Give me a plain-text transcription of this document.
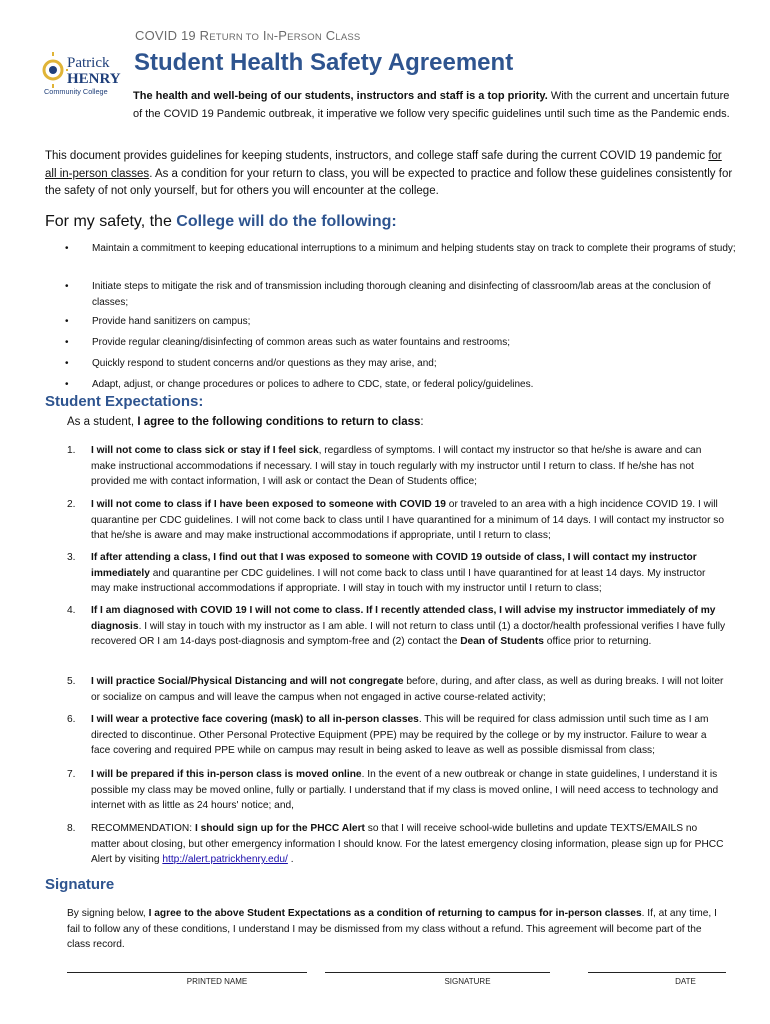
COVID 19 RETURN TO IN-PERSON CLASS
Patrick
HENRY
Community College
Student Health Safety Agreement
The health and well-being of our students, instructors and staff is a top priority. With the current and uncertain future of the COVID 19 Pandemic outbreak, it imperative we follow very specific guidelines until such time as the Pandemic ends.
This document provides guidelines for keeping students, instructors, and college staff safe during the current COVID 19 pandemic for all in-person classes. As a condition for your return to class, you will be expected to practice and follow these guidelines consistently for the safety of not only yourself, but for others you will encounter at the college.
For my safety, the College will do the following:
• Maintain a commitment to keeping educational interruptions to a minimum and helping students stay on track to complete their programs of study;
• Initiate steps to mitigate the risk and of transmission including thorough cleaning and disinfecting of classroom/lab areas at the conclusion of classes;
• Provide hand sanitizers on campus;
• Provide regular cleaning/disinfecting of common areas such as water fountains and restrooms;
• Quickly respond to student concerns and/or questions as they may arise, and;
• Adapt, adjust, or change procedures or polices to adhere to CDC, state, or federal policy/guidelines.
Student Expectations:
As a student, I agree to the following conditions to return to class:
1. I will not come to class sick or stay if I feel sick, regardless of symptoms. I will contact my instructor so that he/she is aware and can make instructional accommodations if necessary. I will stay in touch regularly with my instructor until I return to class. If he/she has not provided me with contact information, I will ask or contact the Dean of Students office;
2. I will not come to class if I have been exposed to someone with COVID 19 or traveled to an area with a high incidence COVID 19. I will quarantine per CDC guidelines. I will not come back to class until I have quarantined for a minimum of 14 days. I will contact my instructor so that he/she is aware and may make instructional accommodations if appropriate, until I return to class;
3. If after attending a class, I find out that I was exposed to someone with COVID 19 outside of class, I will contact my instructor immediately and quarantine per CDC guidelines. I will not come back to class until I have quarantined for at least 14 days. My instructor may make instructional accommodations if appropriate. I will stay in touch with my instructor until I return to class;
4. If I am diagnosed with COVID 19 I will not come to class. If I recently attended class, I will advise my instructor immediately of my diagnosis. I will stay in touch with my instructor as I am able. I will not return to class until (1) a doctor/health professional verifies I have fully recovered OR I am 14-days post-diagnosis and symptom-free and (2) contact the Dean of Students office prior to returning.
5. I will practice Social/Physical Distancing and will not congregate before, during, and after class, as well as during breaks. I will not loiter or socialize on campus and will leave the campus when not engaged in active course-related activity;
6. I will wear a protective face covering (mask) to all in-person classes. This will be required for class admission until such time as I am directed to discontinue. Other Personal Protective Equipment (PPE) may be required by the college or by my instructor. Failure to wear a face covering and required PPE while on campus may result in being asked to leave as well as possible dismissal from class;
7. I will be prepared if this in-person class is moved online. In the event of a new outbreak or change in state guidelines, I understand it is possible my class may be moved online, fully or partially. I understand that if my class is moved online, I will need access to technology and internet with as little as 24 hours' notice; and,
8. RECOMMENDATION: I should sign up for the PHCC Alert so that I will receive school-wide bulletins and update TEXTS/EMAILS no matter about closing, but other emergency information I should know. For the latest emergency closing information, please sign up for PHCC Alert by visiting http://alert.patrickhenry.edu/ .
Signature
By signing below, I agree to the above Student Expectations as a condition of returning to campus for in-person classes. If, at any time, I fail to follow any of these conditions, I understand I may be dismissed from my class without a refund. This agreement will become part of the class record.
PRINTED NAME	SIGNATURE	DATE
